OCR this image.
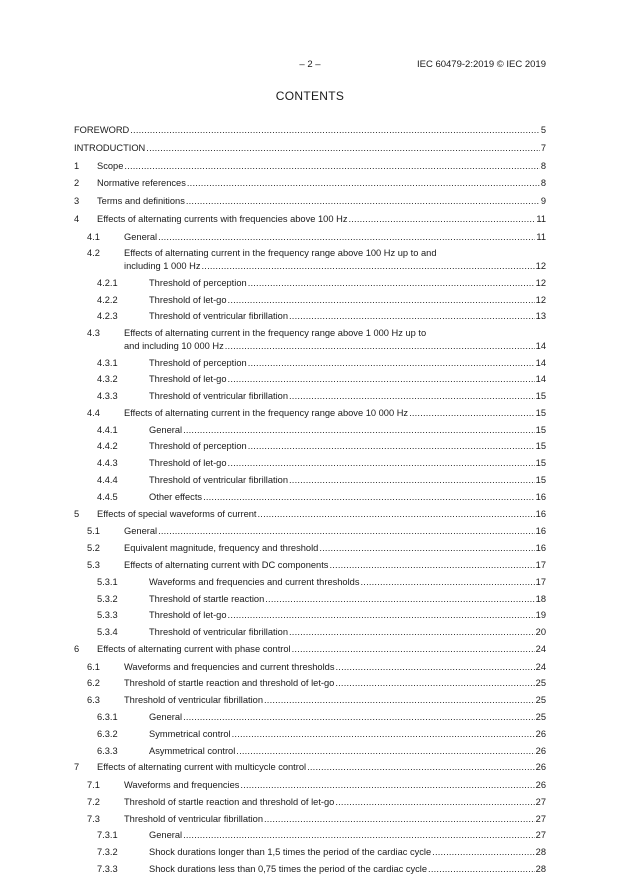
– 2 –	IEC 60479-2:2019 © IEC 2019
CONTENTS
FOREWORD .....	5
INTRODUCTION .....	7
1 Scope .....	8
2 Normative references .....	8
3 Terms and definitions .....	9
4 Effects of alternating currents with frequencies above 100 Hz .....	11
4.1	General .....	11
4.2	Effects of alternating current in the frequency range above 100 Hz up to and
including 1 000 Hz .....	12
4.2.1	Threshold of perception .....	12
4.2.2	Threshold of let-go .....	12
4.2.3	Threshold of ventricular fibrillation .....	13
4.3	Effects of alternating current in the frequency range above 1 000 Hz up to
and including 10 000 Hz .....	14
4.3.1	Threshold of perception .....	14
4.3.2	Threshold of let-go .....	14
4.3.3	Threshold of ventricular fibrillation .....	15
4.4	Effects of alternating current in the frequency range above 10 000 Hz .....	15
4.4.1	General .....	15
4.4.2	Threshold of perception .....	15
4.4.3	Threshold of let-go .....	15
4.4.4	Threshold of ventricular fibrillation .....	15
4.4.5	Other effects .....	16
5 Effects of special waveforms of current .....	16
5.1	General .....	16
5.2	Equivalent magnitude, frequency and threshold .....	16
5.3	Effects of alternating current with DC components .....	17
5.3.1	Waveforms and frequencies and current thresholds .....	17
5.3.2	Threshold of startle reaction .....	18
5.3.3	Threshold of let-go .....	19
5.3.4	Threshold of ventricular fibrillation .....	20
6 Effects of alternating current with phase control .....	24
6.1	Waveforms and frequencies and current thresholds .....	24
6.2	Threshold of startle reaction and threshold of let-go .....	25
6.3	Threshold of ventricular fibrillation .....	25
6.3.1	General .....	25
6.3.2	Symmetrical control .....	26
6.3.3	Asymmetrical control .....	26
7 Effects of alternating current with multicycle control .....	26
7.1	Waveforms and frequencies .....	26
7.2	Threshold of startle reaction and threshold of let-go .....	27
7.3	Threshold of ventricular fibrillation .....	27
7.3.1	General .....	27
7.3.2	Shock durations longer than 1,5 times the period of the cardiac cycle .....	28
7.3.3	Shock durations less than 0,75 times the period of the cardiac cycle .....	28
